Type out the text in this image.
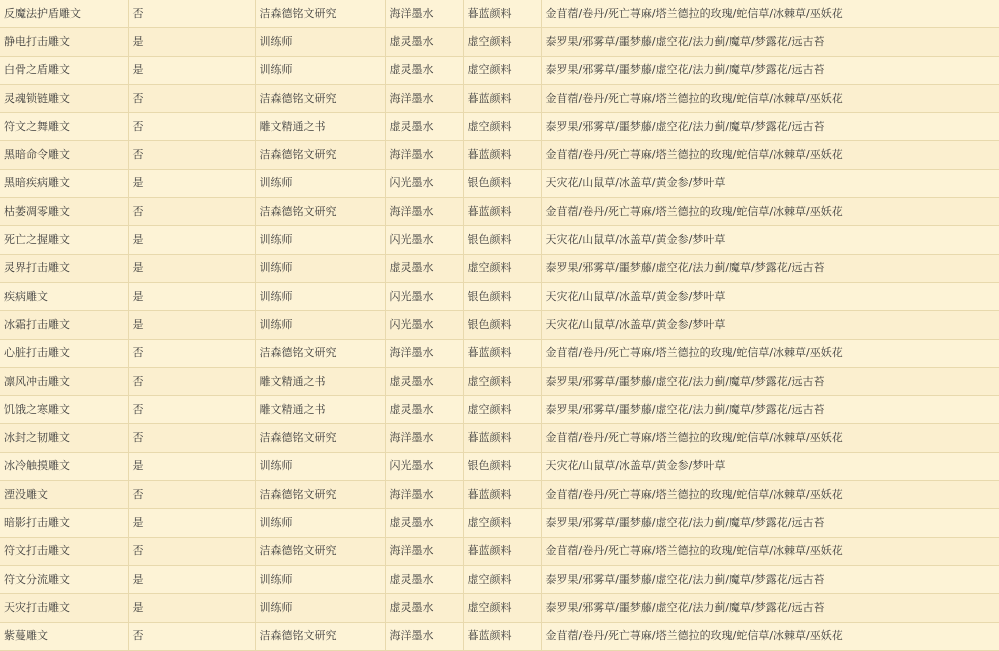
反魔法护盾雕文	否	洁森德铭文研究	海洋墨水	暮蓝颜料	金苜蓿/卷丹/死亡荨麻/塔兰德拉的玫瑰/蛇信草/冰棘草/巫妖花
静电打击雕文	是	训练师	虚灵墨水	虚空颜料	泰罗果/邪雾草/噩梦藤/虚空花/法力蓟/魔草/梦露花/远古苔
白骨之盾雕文	是	训练师	虚灵墨水	虚空颜料	泰罗果/邪雾草/噩梦藤/虚空花/法力蓟/魔草/梦露花/远古苔
灵魂锁链雕文	否	洁森德铭文研究	海洋墨水	暮蓝颜料	金苜蓿/卷丹/死亡荨麻/塔兰德拉的玫瑰/蛇信草/冰棘草/巫妖花
符文之舞雕文	否	雕文精通之书	虚灵墨水	虚空颜料	泰罗果/邪雾草/噩梦藤/虚空花/法力蓟/魔草/梦露花/远古苔
黑暗命令雕文	否	洁森德铭文研究	海洋墨水	暮蓝颜料	金苜蓿/卷丹/死亡荨麻/塔兰德拉的玫瑰/蛇信草/冰棘草/巫妖花
黑暗疾病雕文	是	训练师	闪光墨水	银色颜料	天灾花/山鼠草/冰盖草/黄金参/梦叶草
枯萎凋零雕文	否	洁森德铭文研究	海洋墨水	暮蓝颜料	金苜蓿/卷丹/死亡荨麻/塔兰德拉的玫瑰/蛇信草/冰棘草/巫妖花
死亡之握雕文	是	训练师	闪光墨水	银色颜料	天灾花/山鼠草/冰盖草/黄金参/梦叶草
灵界打击雕文	是	训练师	虚灵墨水	虚空颜料	泰罗果/邪雾草/噩梦藤/虚空花/法力蓟/魔草/梦露花/远古苔
疾病雕文	是	训练师	闪光墨水	银色颜料	天灾花/山鼠草/冰盖草/黄金参/梦叶草
冰霜打击雕文	是	训练师	闪光墨水	银色颜料	天灾花/山鼠草/冰盖草/黄金参/梦叶草
心脏打击雕文	否	洁森德铭文研究	海洋墨水	暮蓝颜料	金苜蓿/卷丹/死亡荨麻/塔兰德拉的玫瑰/蛇信草/冰棘草/巫妖花
凛风冲击雕文	否	雕文精通之书	虚灵墨水	虚空颜料	泰罗果/邪雾草/噩梦藤/虚空花/法力蓟/魔草/梦露花/远古苔
饥饿之寒雕文	否	雕文精通之书	虚灵墨水	虚空颜料	泰罗果/邪雾草/噩梦藤/虚空花/法力蓟/魔草/梦露花/远古苔
冰封之韧雕文	否	洁森德铭文研究	海洋墨水	暮蓝颜料	金苜蓿/卷丹/死亡荨麻/塔兰德拉的玫瑰/蛇信草/冰棘草/巫妖花
冰冷触摸雕文	是	训练师	闪光墨水	银色颜料	天灾花/山鼠草/冰盖草/黄金参/梦叶草
湮没雕文	否	洁森德铭文研究	海洋墨水	暮蓝颜料	金苜蓿/卷丹/死亡荨麻/塔兰德拉的玫瑰/蛇信草/冰棘草/巫妖花
暗影打击雕文	是	训练师	虚灵墨水	虚空颜料	泰罗果/邪雾草/噩梦藤/虚空花/法力蓟/魔草/梦露花/远古苔
符文打击雕文	否	洁森德铭文研究	海洋墨水	暮蓝颜料	金苜蓿/卷丹/死亡荨麻/塔兰德拉的玫瑰/蛇信草/冰棘草/巫妖花
符文分流雕文	是	训练师	虚灵墨水	虚空颜料	泰罗果/邪雾草/噩梦藤/虚空花/法力蓟/魔草/梦露花/远古苔
天灾打击雕文	是	训练师	虚灵墨水	虚空颜料	泰罗果/邪雾草/噩梦藤/虚空花/法力蓟/魔草/梦露花/远古苔
紫蔓雕文	否	洁森德铭文研究	海洋墨水	暮蓝颜料	金苜蓿/卷丹/死亡荨麻/塔兰德拉的玫瑰/蛇信草/冰棘草/巫妖花
